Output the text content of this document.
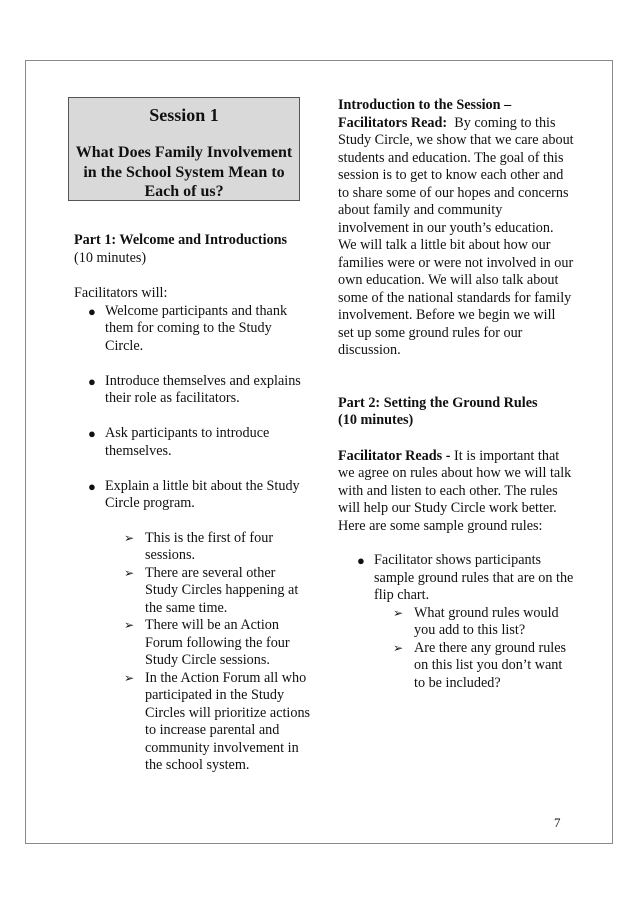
Session 1
What Does Family Involvement in the School System Mean to Each of us?

Part 1: Welcome and Introductions
(10 minutes)

Facilitators will:

● Welcome participants and thank them for coming to the Study Circle.
● Introduce themselves and explains their role as facilitators.
● Ask participants to introduce themselves.
● Explain a little bit about the Study Circle program.
➢ This is the first of four sessions.
➢ There are several other Study Circles happening at the same time.
➢ There will be an Action Forum following the four Study Circle sessions.
➢ In the Action Forum all who participated in the Study Circles will prioritize actions to increase parental and community involvement in the school system.

Introduction to the Session –
Facilitators Read: By coming to this Study Circle, we show that we care about students and education. The goal of this session is to get to know each other and to share some of our hopes and concerns about family and community involvement in our youth’s education. We will talk a little bit about how our families were or were not involved in our own education. We will also talk about some of the national standards for family involvement. Before we begin we will set up some ground rules for our discussion.

Part 2: Setting the Ground Rules
(10 minutes)

Facilitator Reads - It is important that we agree on rules about how we will talk with and listen to each other. The rules will help our Study Circle work better. Here are some sample ground rules:

● Facilitator shows participants sample ground rules that are on the flip chart.
➢ What ground rules would you add to this list?
➢ Are there any ground rules on this list you don’t want to be included?
7
